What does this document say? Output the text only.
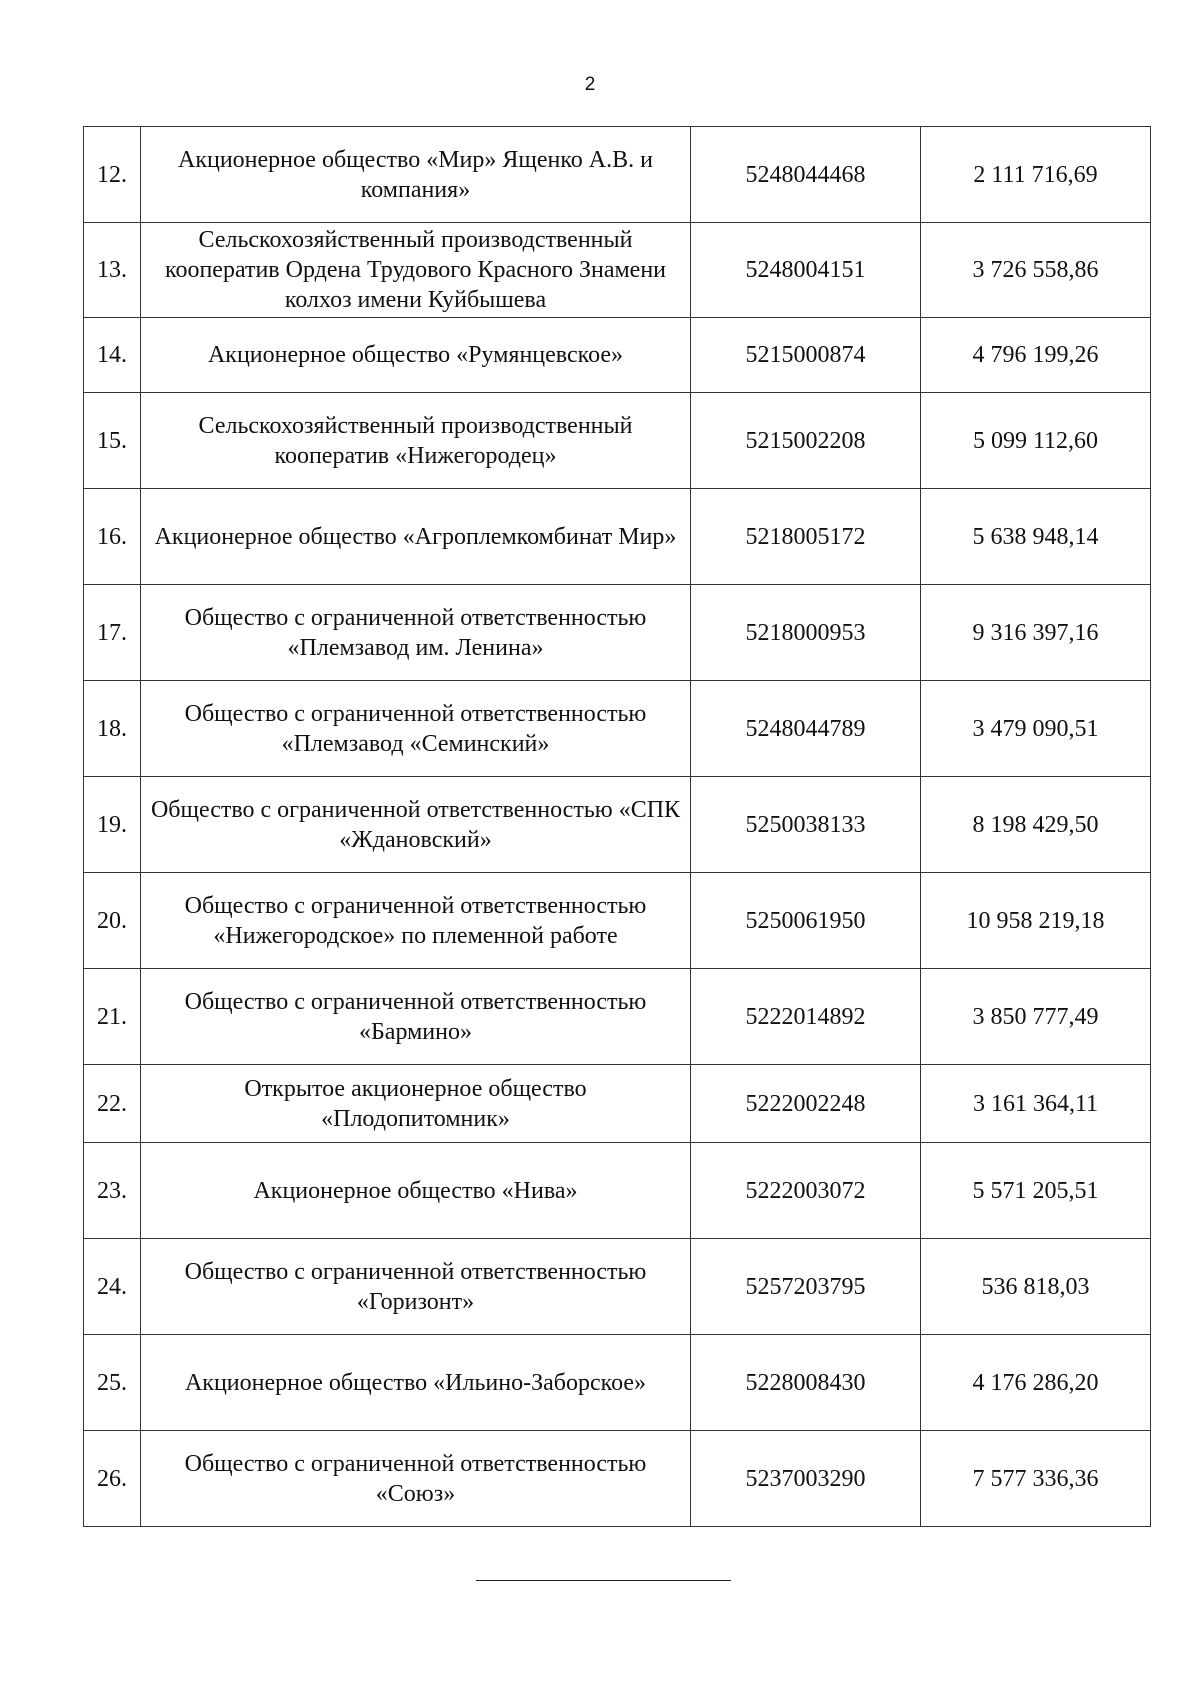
2
12.	Акционерное общество «Мир» Ященко А.В. и компания»	5248044468	2 111 716,69
13.	Сельскохозяйственный производственный кооператив Ордена Трудового Красного Знамени колхоз имени Куйбышева	5248004151	3 726 558,86
14.	Акционерное общество «Румянцевское»	5215000874	4 796 199,26
15.	Сельскохозяйственный производственный кооператив «Нижегородец»	5215002208	5 099 112,60
16.	Акционерное общество «Агроплемкомбинат Мир»	5218005172	5 638 948,14
17.	Общество с ограниченной ответственностью «Племзавод им. Ленина»	5218000953	9 316 397,16
18.	Общество с ограниченной ответственностью «Племзавод «Семинский»	5248044789	3 479 090,51
19.	Общество с ограниченной ответственностью «СПК «Ждановский»	5250038133	8 198 429,50
20.	Общество с ограниченной ответственностью «Нижегородское» по племенной работе	5250061950	10 958 219,18
21.	Общество с ограниченной ответственностью «Бармино»	5222014892	3 850 777,49
22.	Открытое акционерное общество «Плодопитомник»	5222002248	3 161 364,11
23.	Акционерное общество «Нива»	5222003072	5 571 205,51
24.	Общество с ограниченной ответственностью «Горизонт»	5257203795	536 818,03
25.	Акционерное общество «Ильино-Заборское»	5228008430	4 176 286,20
26.	Общество с ограниченной ответственностью «Союз»	5237003290	7 577 336,36
